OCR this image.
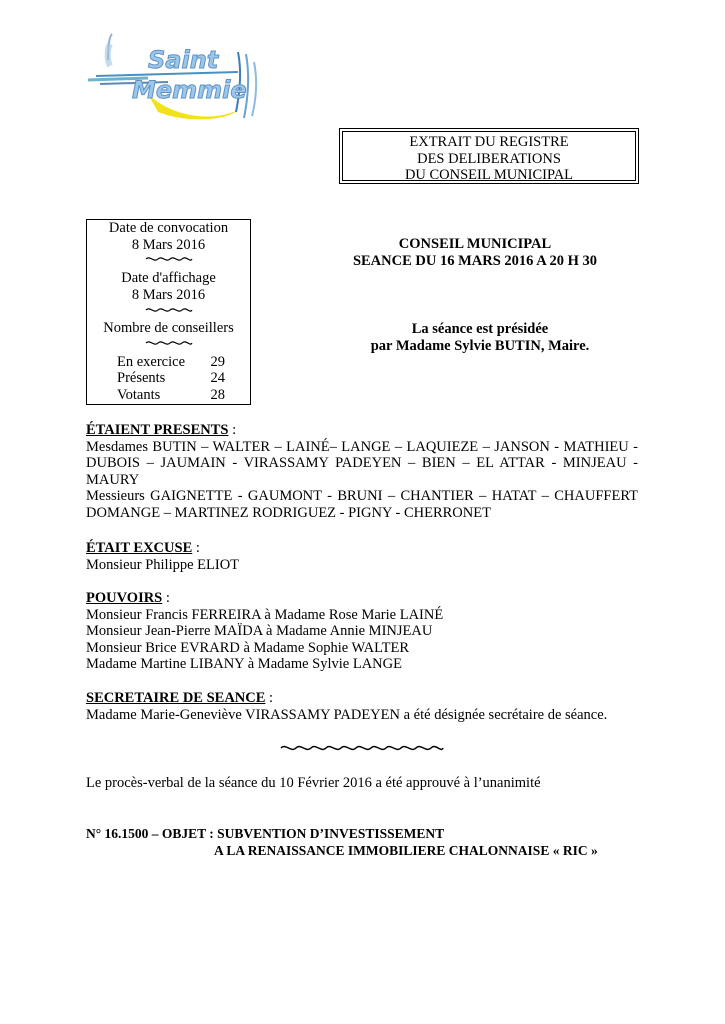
Saint
Memmie
EXTRAIT DU REGISTRE
DES DELIBERATIONS
DU CONSEIL MUNICIPAL
Date de convocation
8 Mars 2016
Date d'affichage
8 Mars 2016
Nombre de conseillers
En exercice	29
Présents	24
Votants	28
CONSEIL MUNICIPAL
SEANCE DU 16 MARS 2016 A 20 H 30
La séance est présidée
par Madame Sylvie BUTIN, Maire.
ÉTAIENT PRESENTS :
Mesdames BUTIN – WALTER – LAINÉ– LANGE – LAQUIEZE – JANSON - MATHIEU - DUBOIS – JAUMAIN - VIRASSAMY PADEYEN – BIEN – EL ATTAR - MINJEAU - MAURY
Messieurs GAIGNETTE - GAUMONT - BRUNI – CHANTIER – HATAT – CHAUFFERT DOMANGE – MARTINEZ RODRIGUEZ - PIGNY - CHERRONET
ÉTAIT EXCUSE :
Monsieur Philippe ELIOT
POUVOIRS :
Monsieur Francis FERREIRA à Madame Rose Marie LAINÉ
Monsieur Jean-Pierre MAÏDA à Madame Annie MINJEAU
Monsieur Brice EVRARD à Madame Sophie WALTER
Madame Martine LIBANY à Madame Sylvie LANGE
SECRETAIRE DE SEANCE :
Madame Marie-Geneviève VIRASSAMY PADEYEN a été désignée secrétaire de séance.
Le procès-verbal de la séance du 10 Février 2016 a été approuvé à l’unanimité
N° 16.1500 – OBJET : SUBVENTION D’INVESTISSEMENT
A LA RENAISSANCE IMMOBILIERE CHALONNAISE « RIC »
